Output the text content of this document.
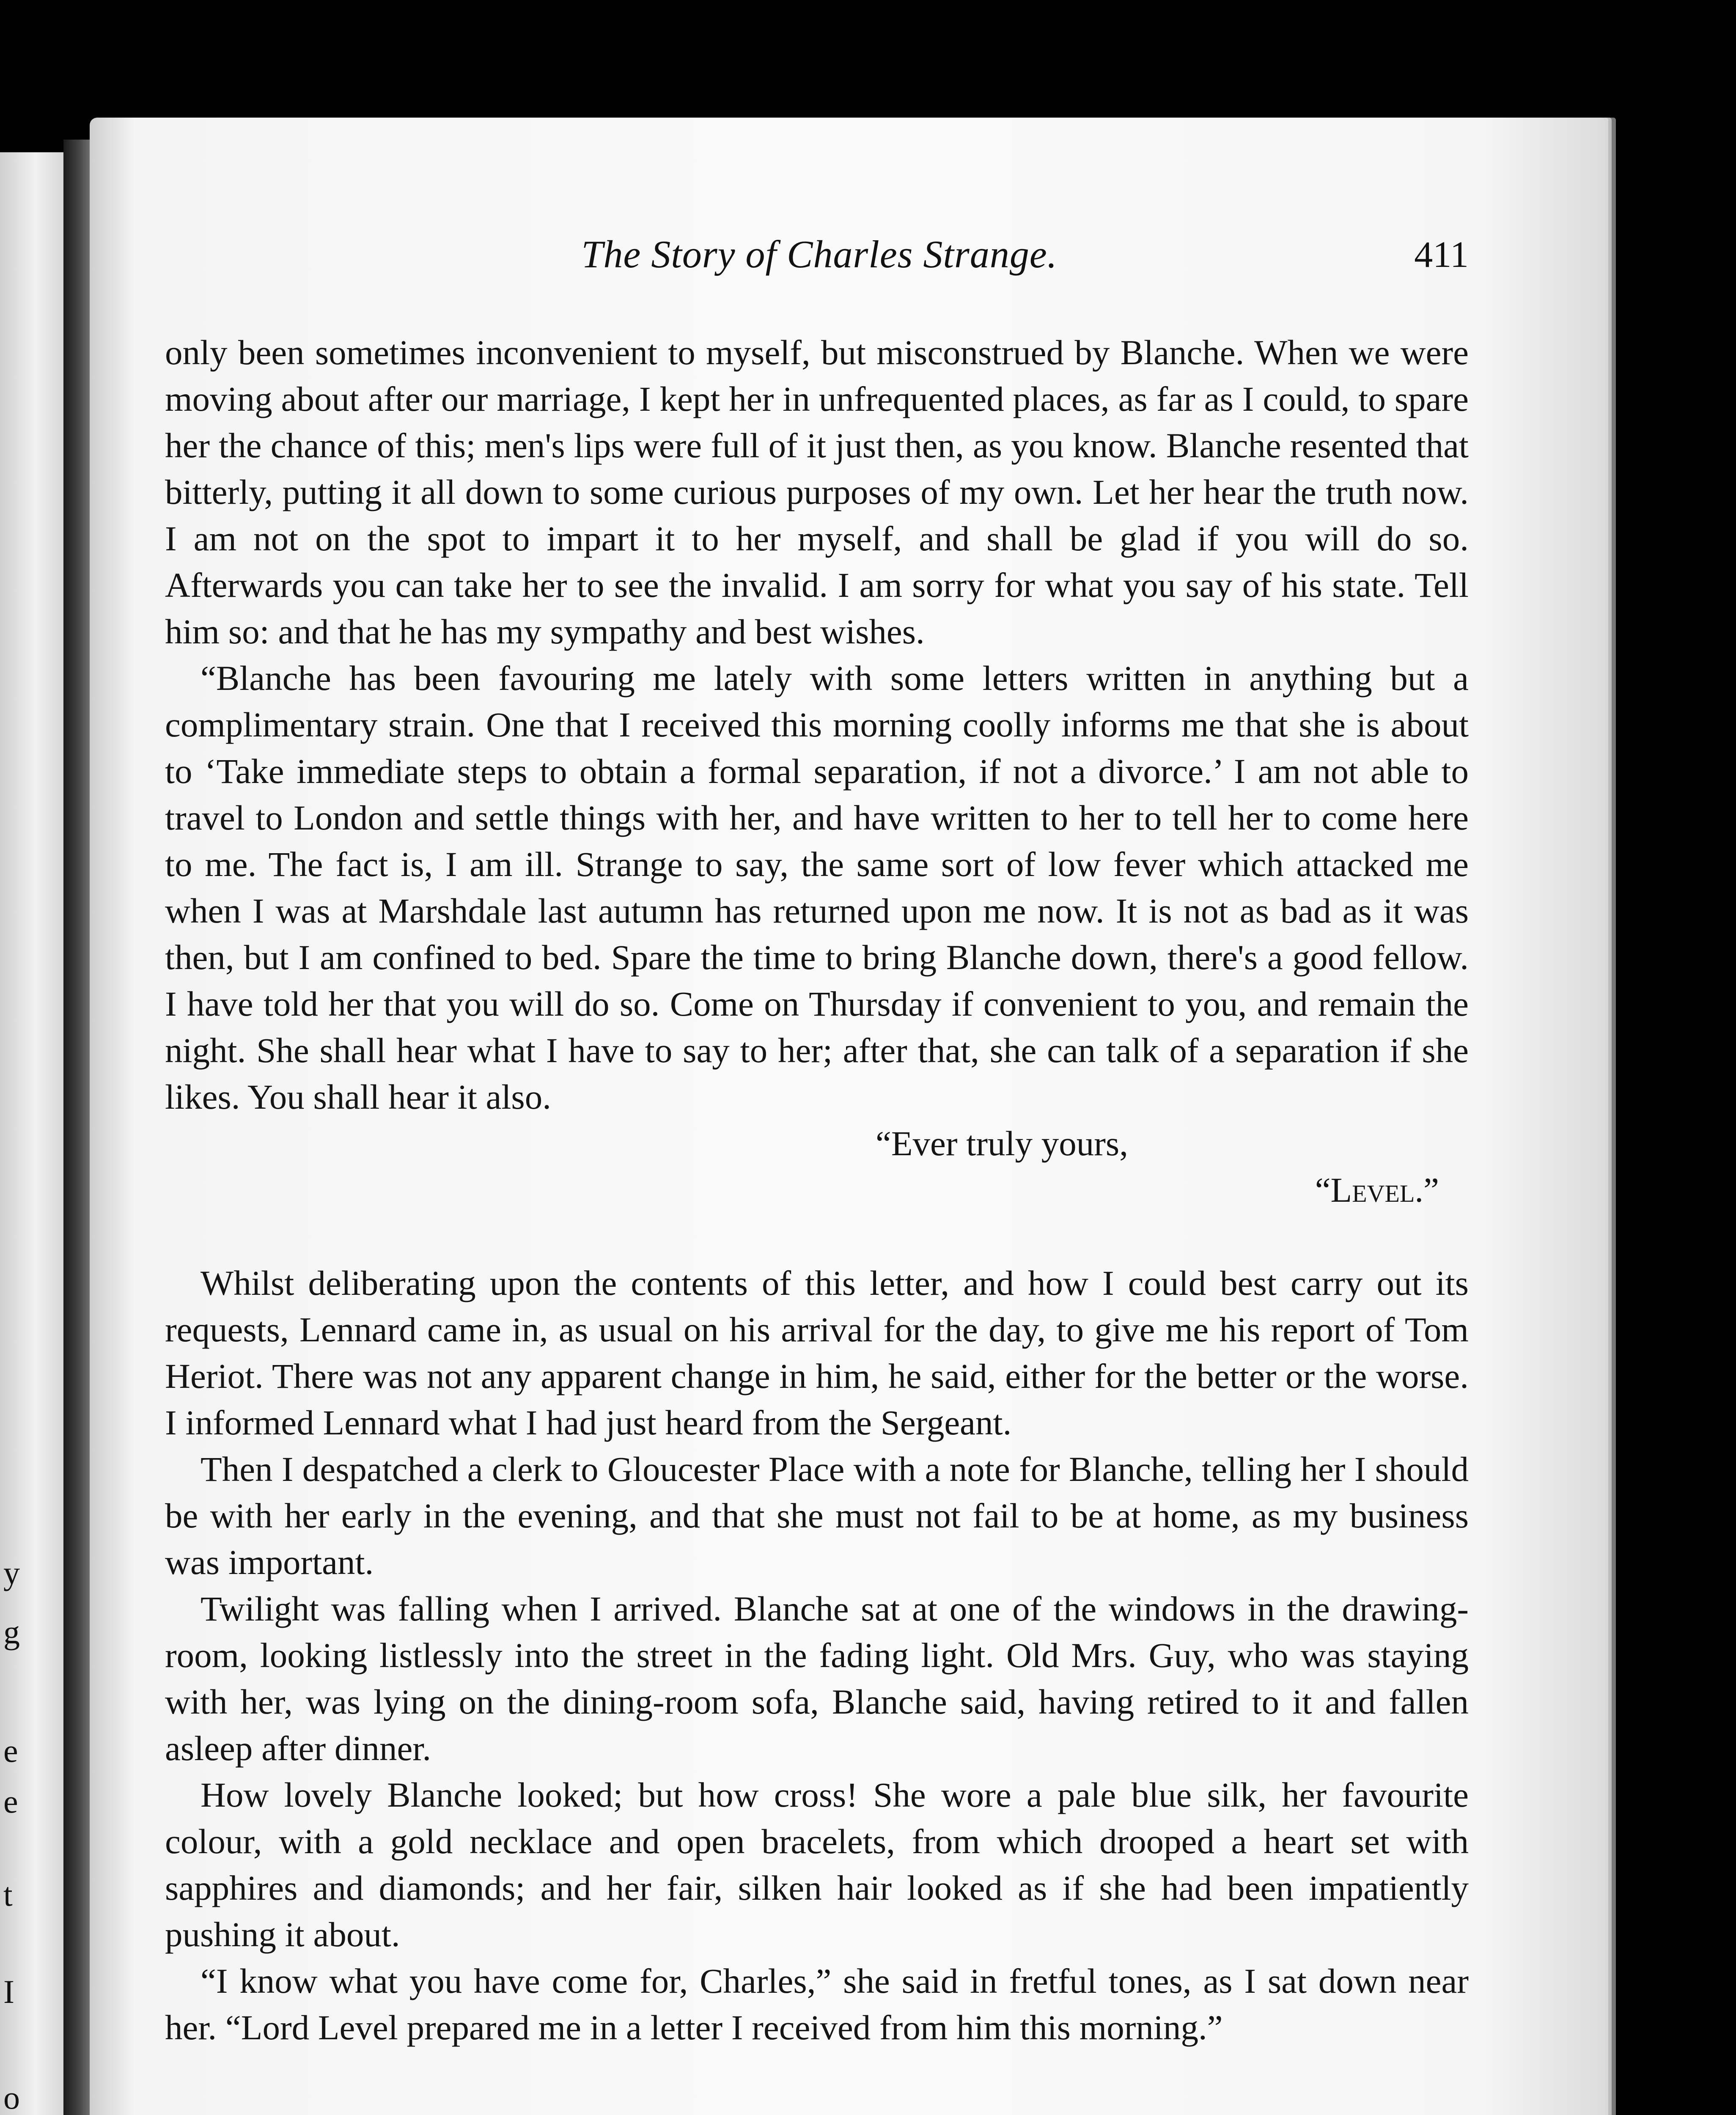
y
g
e
e
t
I
o
The Story of Charles Strange.	411

only been sometimes inconvenient to myself, but misconstrued by Blanche. When we were moving about after our marriage, I kept her in unfrequented places, as far as I could, to spare her the chance of this; men's lips were full of it just then, as you know. Blanche resented that bitterly, putting it all down to some curious purposes of my own. Let her hear the truth now. I am not on the spot to impart it to her myself, and shall be glad if you will do so. Afterwards you can take her to see the invalid. I am sorry for what you say of his state. Tell him so: and that he has my sympathy and best wishes.

“Blanche has been favouring me lately with some letters written in anything but a complimentary strain. One that I received this morning coolly informs me that she is about to ‘Take immediate steps to obtain a formal separation, if not a divorce.’ I am not able to travel to London and settle things with her, and have written to her to tell her to come here to me. The fact is, I am ill. Strange to say, the same sort of low fever which attacked me when I was at Marshdale last autumn has returned upon me now. It is not as bad as it was then, but I am confined to bed. Spare the time to bring Blanche down, there's a good fellow. I have told her that you will do so. Come on Thursday if convenient to you, and remain the night. She shall hear what I have to say to her; after that, she can talk of a separation if she likes. You shall hear it also.

“Ever truly yours,

“Level.”

Whilst deliberating upon the contents of this letter, and how I could best carry out its requests, Lennard came in, as usual on his arrival for the day, to give me his report of Tom Heriot. There was not any apparent change in him, he said, either for the better or the worse. I informed Lennard what I had just heard from the Sergeant.

Then I despatched a clerk to Gloucester Place with a note for Blanche, telling her I should be with her early in the evening, and that she must not fail to be at home, as my business was important.

Twilight was falling when I arrived. Blanche sat at one of the windows in the drawing-room, looking listlessly into the street in the fading light. Old Mrs. Guy, who was staying with her, was lying on the dining-room sofa, Blanche said, having retired to it and fallen asleep after dinner.

How lovely Blanche looked; but how cross! She wore a pale blue silk, her favourite colour, with a gold necklace and open bracelets, from which drooped a heart set with sapphires and diamonds; and her fair, silken hair looked as if she had been impatiently pushing it about.

“I know what you have come for, Charles,” she said in fretful tones, as I sat down near her. “Lord Level prepared me in a letter I received from him this morning.”
